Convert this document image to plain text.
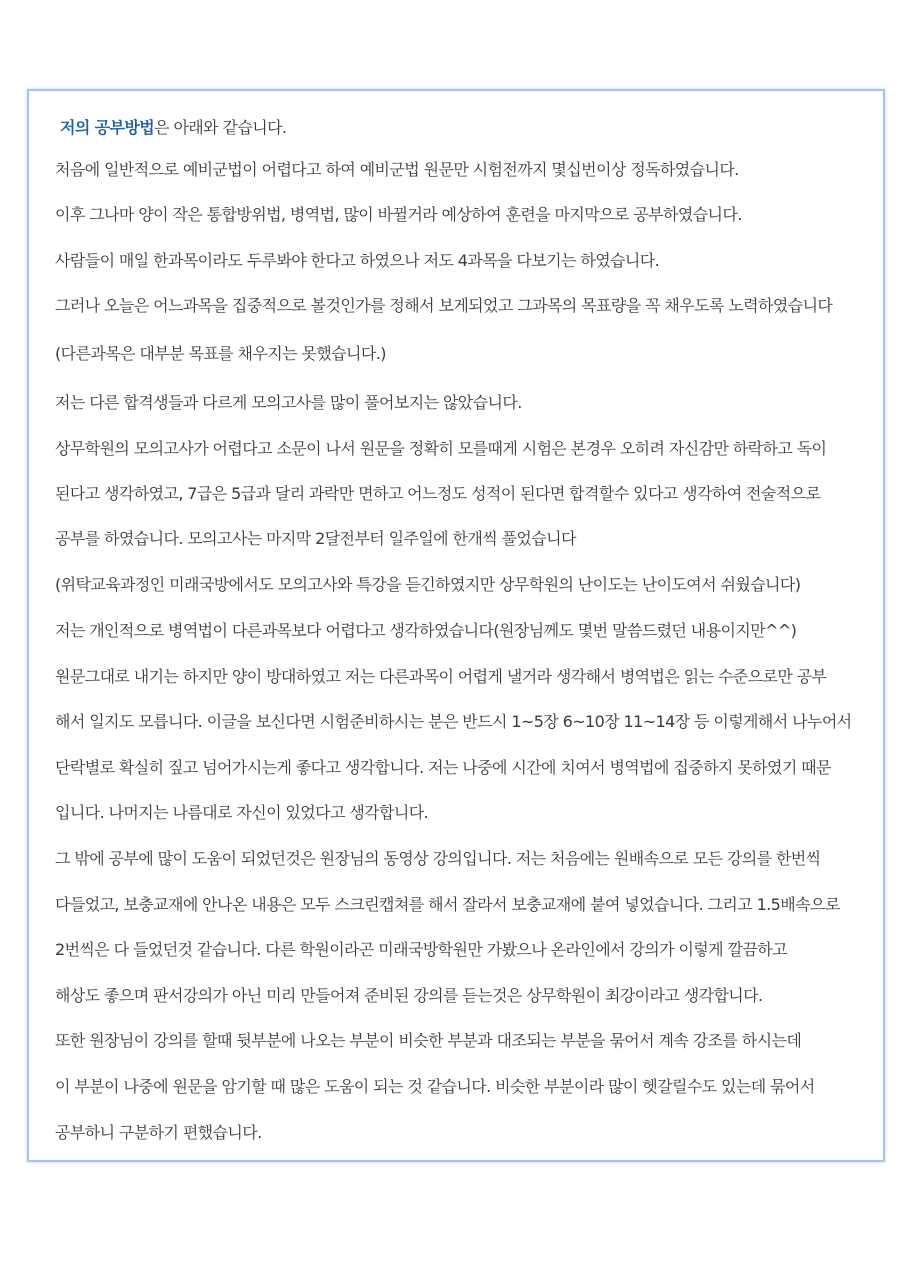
저의 공부방법은 아래와 같습니다.
처음에 일반적으로 예비군법이 어렵다고 하여 예비군법 원문만 시험전까지 몇십번이상 정독하였습니다.
이후 그나마 양이 작은 통합방위법, 병역법, 많이 바뀔거라 예상하여 훈련을 마지막으로 공부하였습니다.
사람들이 매일 한과목이라도 두루봐야 한다고 하였으나 저도 4과목을 다보기는 하였습니다.
그러나 오늘은 어느과목을 집중적으로 볼것인가를 정해서 보게되었고 그과목의 목표량을 꼭 채우도록 노력하였습니다
(다른과목은 대부분 목표를 채우지는 못했습니다.)
저는 다른 합격생들과 다르게 모의고사를 많이 풀어보지는 않았습니다.
상무학원의 모의고사가 어렵다고 소문이 나서 원문을 정확히 모를때게 시험은 본경우 오히려 자신감만 하락하고 독이
된다고 생각하였고, 7급은 5급과 달리 과락만 면하고 어느정도 성적이 된다면 합격할수 있다고 생각하여 전술적으로
공부를 하였습니다. 모의고사는 마지막 2달전부터 일주일에 한개씩 풀었습니다
(위탁교육과정인 미래국방에서도 모의고사와 특강을 듣긴하였지만 상무학원의 난이도는 난이도여서 쉬웠습니다)
저는 개인적으로 병역법이 다른과목보다 어렵다고 생각하였습니다(원장님께도 몇번 말씀드렸던 내용이지만^^)
원문그대로 내기는 하지만 양이 방대하였고 저는 다른과목이 어렵게 낼거라 생각해서 병역법은 읽는 수준으로만 공부
해서 일지도 모릅니다. 이글을 보신다면 시험준비하시는 분은 반드시 1~5장 6~10장 11~14장 등 이렇게해서 나누어서
단락별로 확실히 짚고 넘어가시는게 좋다고 생각합니다. 저는 나중에 시간에 치여서 병역법에 집중하지 못하였기 때문
입니다. 나머지는 나름대로 자신이 있었다고 생각합니다.
그 밖에 공부에 많이 도움이 되었던것은 원장님의 동영상 강의입니다. 저는 처음에는 원배속으로 모든 강의를 한번씩
다들었고, 보충교재에 안나온 내용은 모두 스크린캡쳐를 해서 잘라서 보충교재에 붙여 넣었습니다. 그리고 1.5배속으로
2번씩은 다 들었던것 같습니다. 다른 학원이라곤 미래국방학원만 가봤으나 온라인에서 강의가 이렇게 깔끔하고
해상도 좋으며 판서강의가 아닌 미리 만들어져 준비된 강의를 듣는것은 상무학원이 최강이라고 생각합니다.
또한 원장님이 강의를 할때 뒷부분에 나오는 부분이 비슷한 부분과 대조되는 부분을 묶어서 계속 강조를 하시는데
이 부분이 나중에 원문을 암기할 때 많은 도움이 되는 것 같습니다. 비슷한 부분이라 많이 헷갈릴수도 있는데 묶어서
공부하니 구분하기 편했습니다.
